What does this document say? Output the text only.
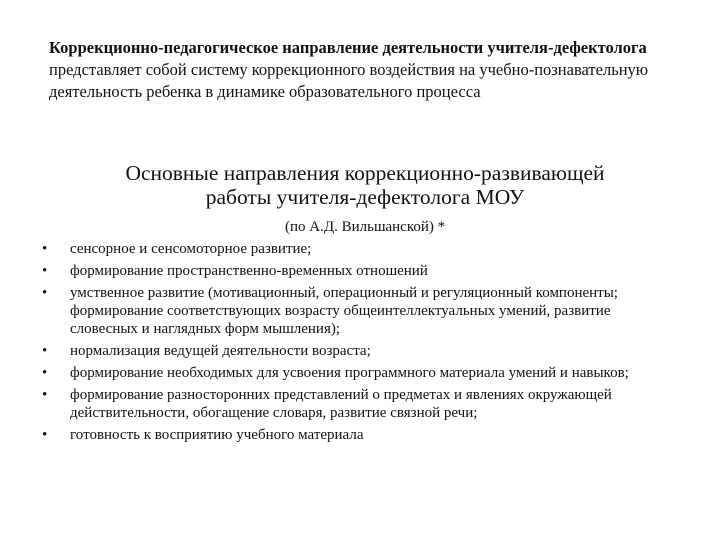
Коррекционно-педагогическое направление деятельности учителя-дефектолога представляет собой систему коррекционного воздействия на учебно-познавательную деятельность ребенка в динамике образовательного процесса

Основные направления коррекционно-развивающей
работы учителя-дефектолога МОУ
(по А.Д. Вильшанской) *
• сенсорное и сенсомоторное развитие;
• формирование пространственно-временных отношений
• умственное развитие (мотивационный, операционный и регуляционный компоненты; формирование соответствующих возрасту общеинтеллектуальных умений, развитие словесных и наглядных форм мышления);
• нормализация ведущей деятельности возраста;
• формирование необходимых для усвоения программного материала умений и навыков;
• формирование разносторонних представлений о предметах и явлениях окружающей действительности, обогащение словаря, развитие связной речи;
• готовность к восприятию учебного материала
